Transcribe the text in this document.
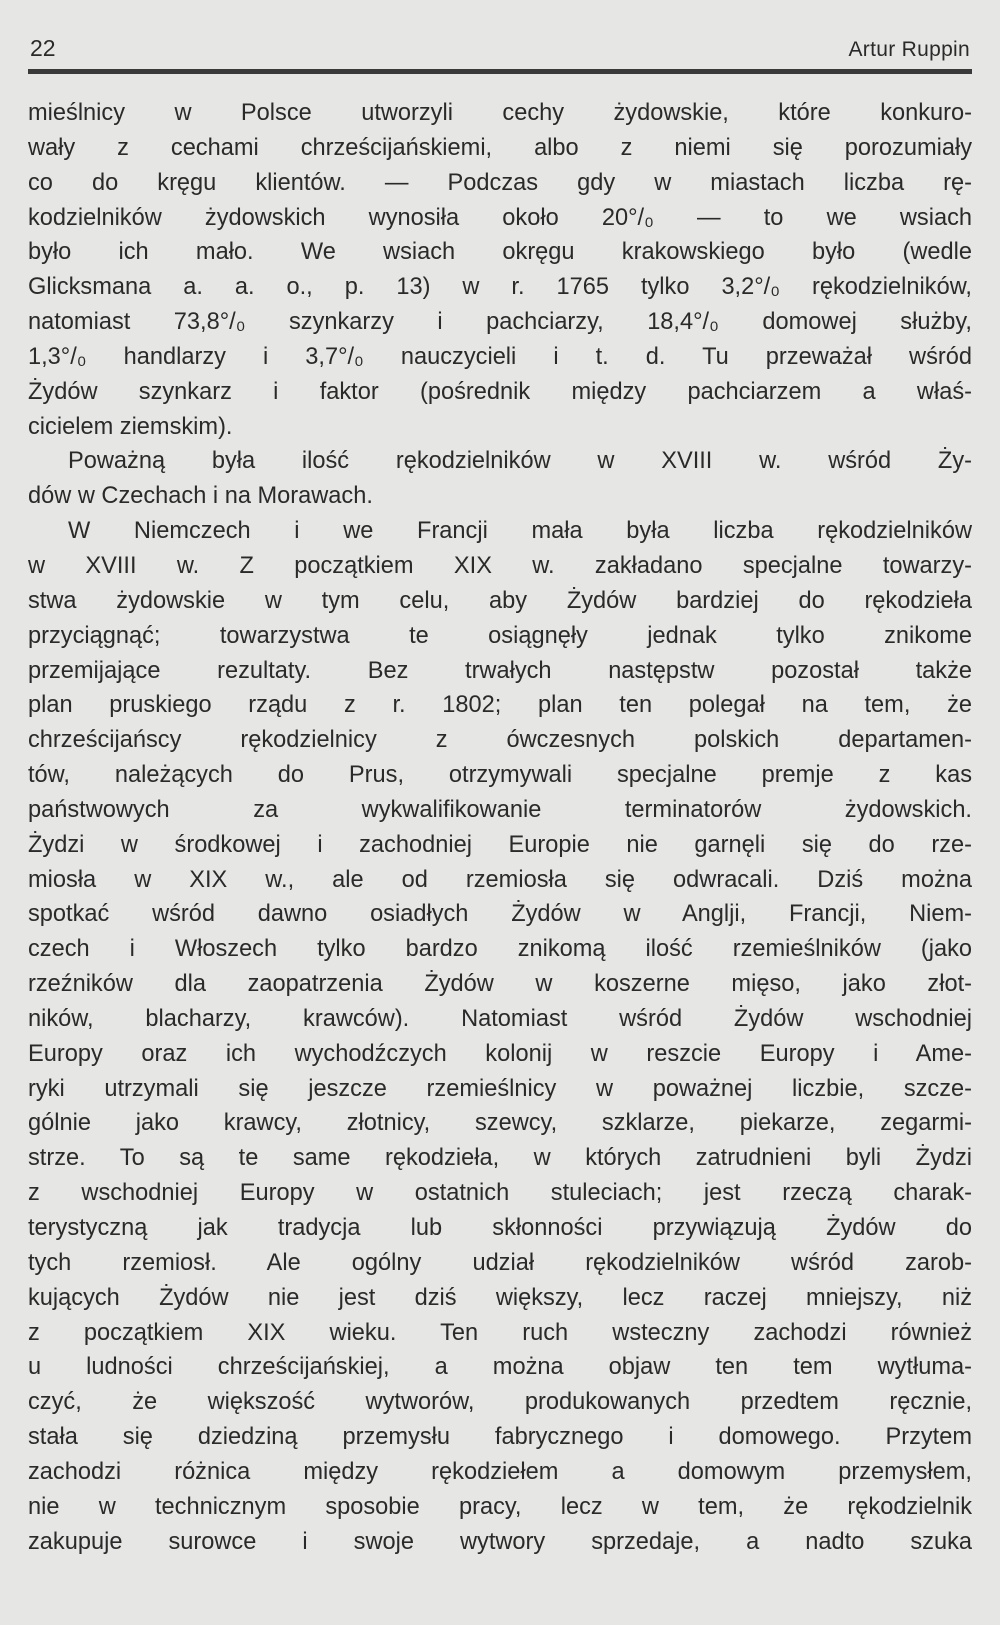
22	Artur Ruppin
mieślnicy w Polsce utworzyli cechy żydowskie, które konkuro-
wały z cechami chrześcijańskiemi, albo z niemi się porozumiały
co do kręgu klientów. — Podczas gdy w miastach liczba rę-
kodzielników żydowskich wynosiła około 20°/₀ — to we wsiach
było ich mało. We wsiach okręgu krakowskiego było (wedle
Glicksmana a. a. o., p. 13) w r. 1765 tylko 3,2°/₀ rękodzielników,
natomiast 73,8°/₀ szynkarzy i pachciarzy, 18,4°/₀ domowej służby,
1,3°/₀ handlarzy i 3,7°/₀ nauczycieli i t. d. Tu przeważał wśród
Żydów szynkarz i faktor (pośrednik między pachciarzem a właś-
cicielem ziemskim).
Poważną była ilość rękodzielników w XVIII w. wśród Ży-
dów w Czechach i na Morawach.
W Niemczech i we Francji mała była liczba rękodzielników
w XVIII w. Z początkiem XIX w. zakładano specjalne towarzy-
stwa żydowskie w tym celu, aby Żydów bardziej do rękodzieła
przyciągnąć; towarzystwa te osiągnęły jednak tylko znikome
przemijające rezultaty. Bez trwałych następstw pozostał także
plan pruskiego rządu z r. 1802; plan ten polegał na tem, że
chrześcijańscy rękodzielnicy z ówczesnych polskich departamen-
tów, należących do Prus, otrzymywali specjalne premje z kas
państwowych za wykwalifikowanie terminatorów żydowskich.
Żydzi w środkowej i zachodniej Europie nie garnęli się do rze-
miosła w XIX w., ale od rzemiosła się odwracali. Dziś można
spotkać wśród dawno osiadłych Żydów w Anglji, Francji, Niem-
czech i Włoszech tylko bardzo znikomą ilość rzemieślników (jako
rzeźników dla zaopatrzenia Żydów w koszerne mięso, jako złot-
ników, blacharzy, krawców). Natomiast wśród Żydów wschodniej
Europy oraz ich wychodźczych kolonij w reszcie Europy i Ame-
ryki utrzymali się jeszcze rzemieślnicy w poważnej liczbie, szcze-
gólnie jako krawcy, złotnicy, szewcy, szklarze, piekarze, zegarmi-
strze. To są te same rękodzieła, w których zatrudnieni byli Żydzi
z wschodniej Europy w ostatnich stuleciach; jest rzeczą charak-
terystyczną jak tradycja lub skłonności przywiązują Żydów do
tych rzemiosł. Ale ogólny udział rękodzielników wśród zarob-
kujących Żydów nie jest dziś większy, lecz raczej mniejszy, niż
z początkiem XIX wieku. Ten ruch wsteczny zachodzi również
u ludności chrześcijańskiej, a można objaw ten tem wytłuma-
czyć, że większość wytworów, produkowanych przedtem ręcznie,
stała się dziedziną przemysłu fabrycznego i domowego. Przytem
zachodzi różnica między rękodziełem a domowym przemysłem,
nie w technicznym sposobie pracy, lecz w tem, że rękodzielnik
zakupuje surowce i swoje wytwory sprzedaje, a nadto szuka
